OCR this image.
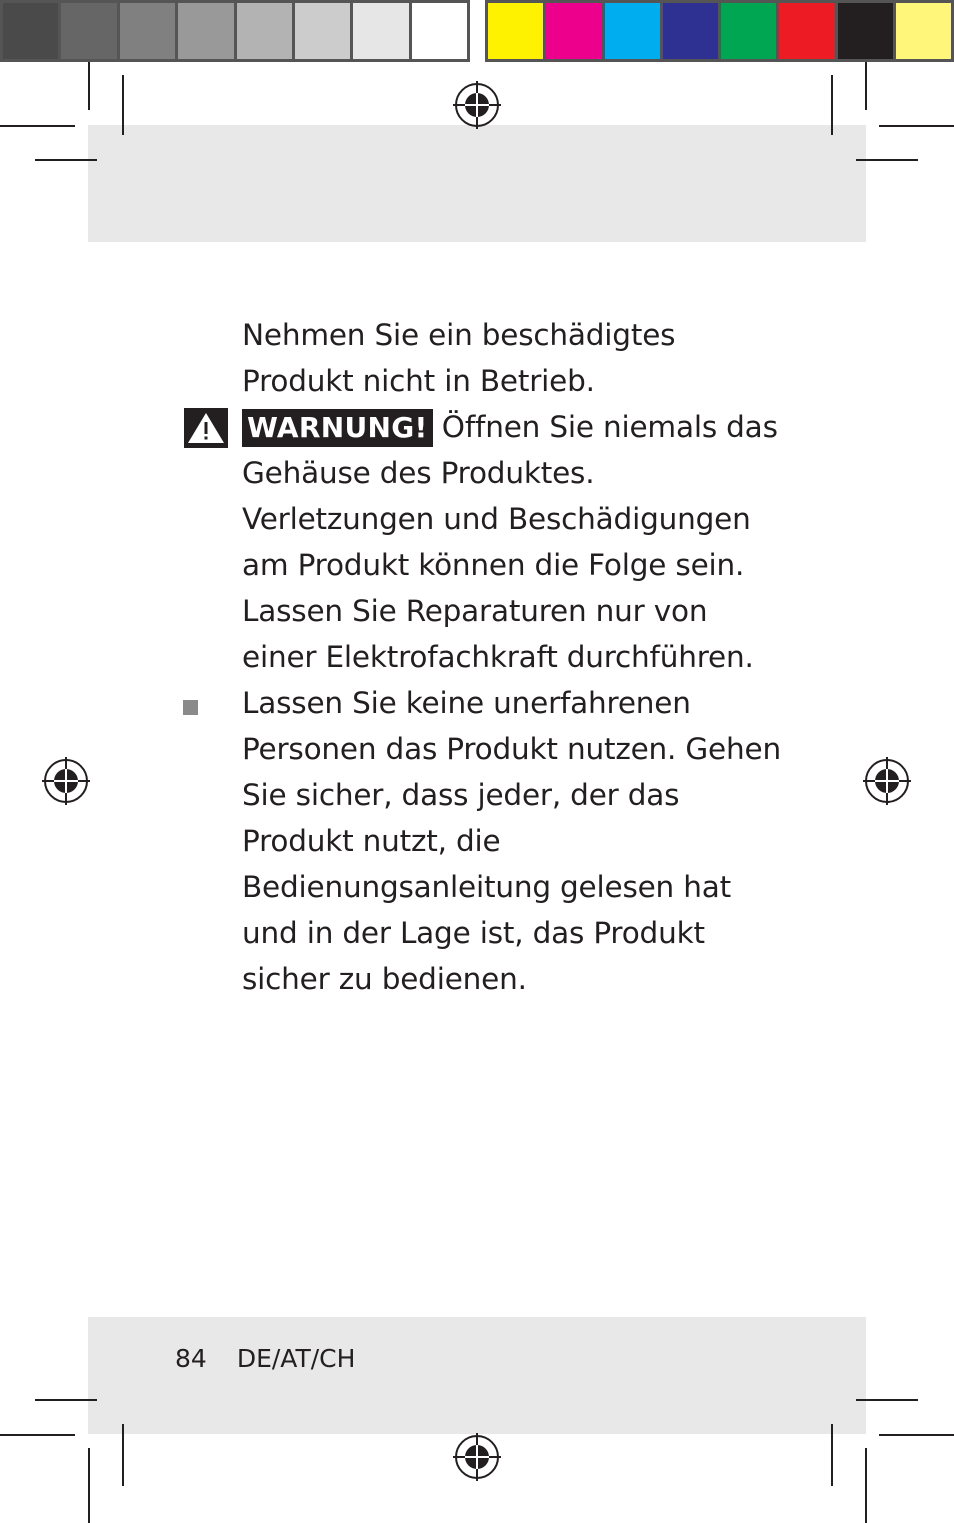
Nehmen Sie ein beschädigtes Produkt nicht in Betrieb.

WARNUNG! Öffnen Sie niemals das Gehäuse des Produktes. Verletzungen und Beschädigungen am Produkt können die Folge sein. Lassen Sie Reparaturen nur von einer Elektrofachkraft durchführen.

Lassen Sie keine unerfahrenen Personen das Produkt nutzen. Gehen Sie sicher, dass jeder, der das Produkt nutzt, die Bedienungsanleitung gelesen hat und in der Lage ist, das Produkt sicher zu bedienen.

84 DE/AT/CH
